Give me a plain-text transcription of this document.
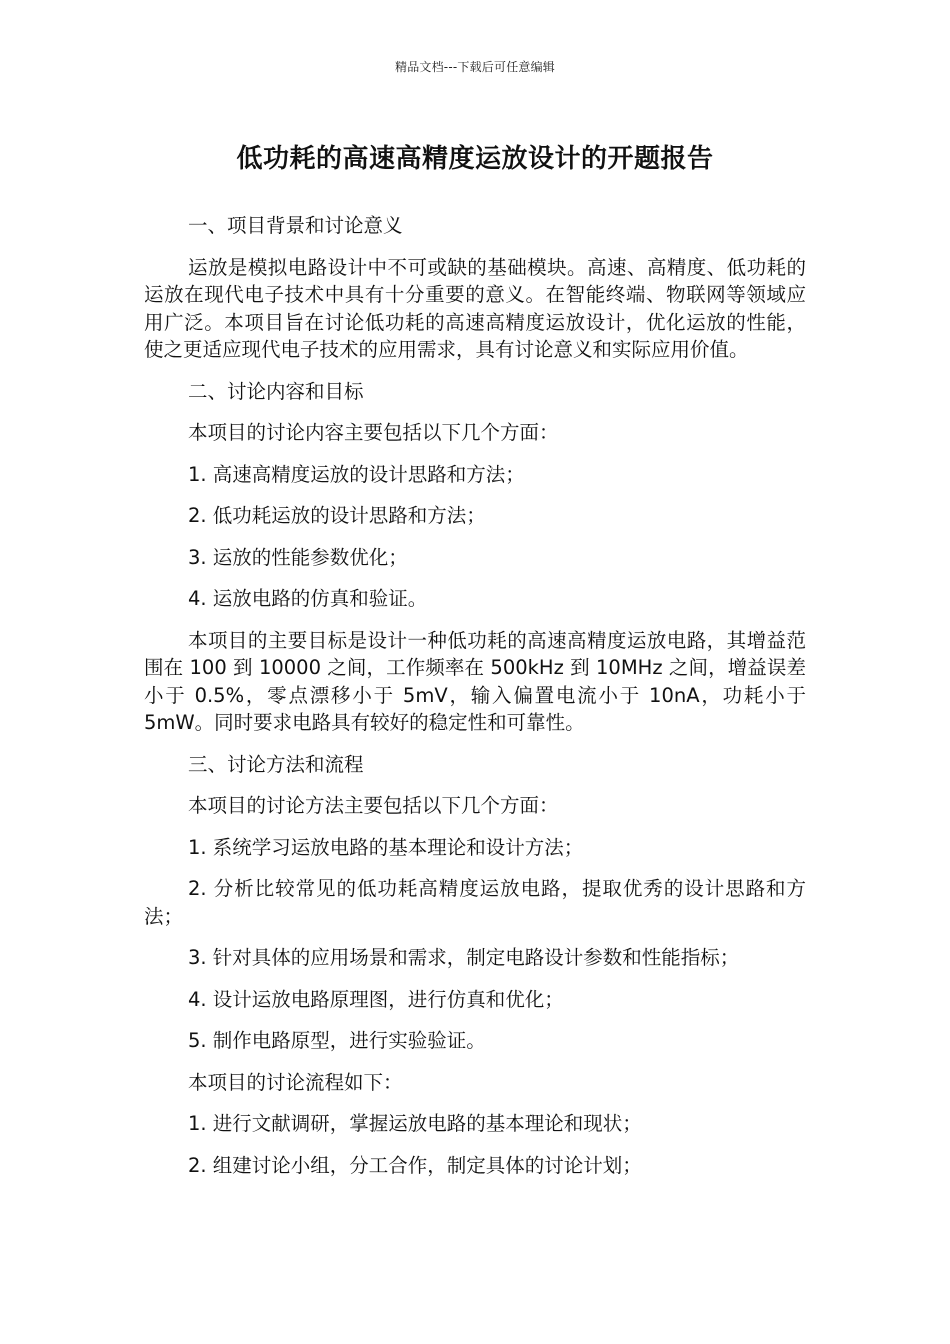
精品文档---下载后可任意编辑
低功耗的高速高精度运放设计的开题报告

一、项目背景和讨论意义

运放是模拟电路设计中不可或缺的基础模块。高速、高精度、低功耗的运放在现代电子技术中具有十分重要的意义。在智能终端、物联网等领域应用广泛。本项目旨在讨论低功耗的高速高精度运放设计，优化运放的性能，使之更适应现代电子技术的应用需求，具有讨论意义和实际应用价值。

二、讨论内容和目标

本项目的讨论内容主要包括以下几个方面：

1. 高速高精度运放的设计思路和方法；

2. 低功耗运放的设计思路和方法；

3. 运放的性能参数优化；

4. 运放电路的仿真和验证。

本项目的主要目标是设计一种低功耗的高速高精度运放电路，其增益范围在 100 到 10000 之间，工作频率在 500kHz 到 10MHz 之间，增益误差小于 0.5%，零点漂移小于 5mV，输入偏置电流小于 10nA，功耗小于 5mW。同时要求电路具有较好的稳定性和可靠性。

三、讨论方法和流程

本项目的讨论方法主要包括以下几个方面：

1. 系统学习运放电路的基本理论和设计方法；

2. 分析比较常见的低功耗高精度运放电路，提取优秀的设计思路和方法；

3. 针对具体的应用场景和需求，制定电路设计参数和性能指标；

4. 设计运放电路原理图，进行仿真和优化；

5. 制作电路原型，进行实验验证。

本项目的讨论流程如下：

1. 进行文献调研，掌握运放电路的基本理论和现状；

2. 组建讨论小组，分工合作，制定具体的讨论计划；
